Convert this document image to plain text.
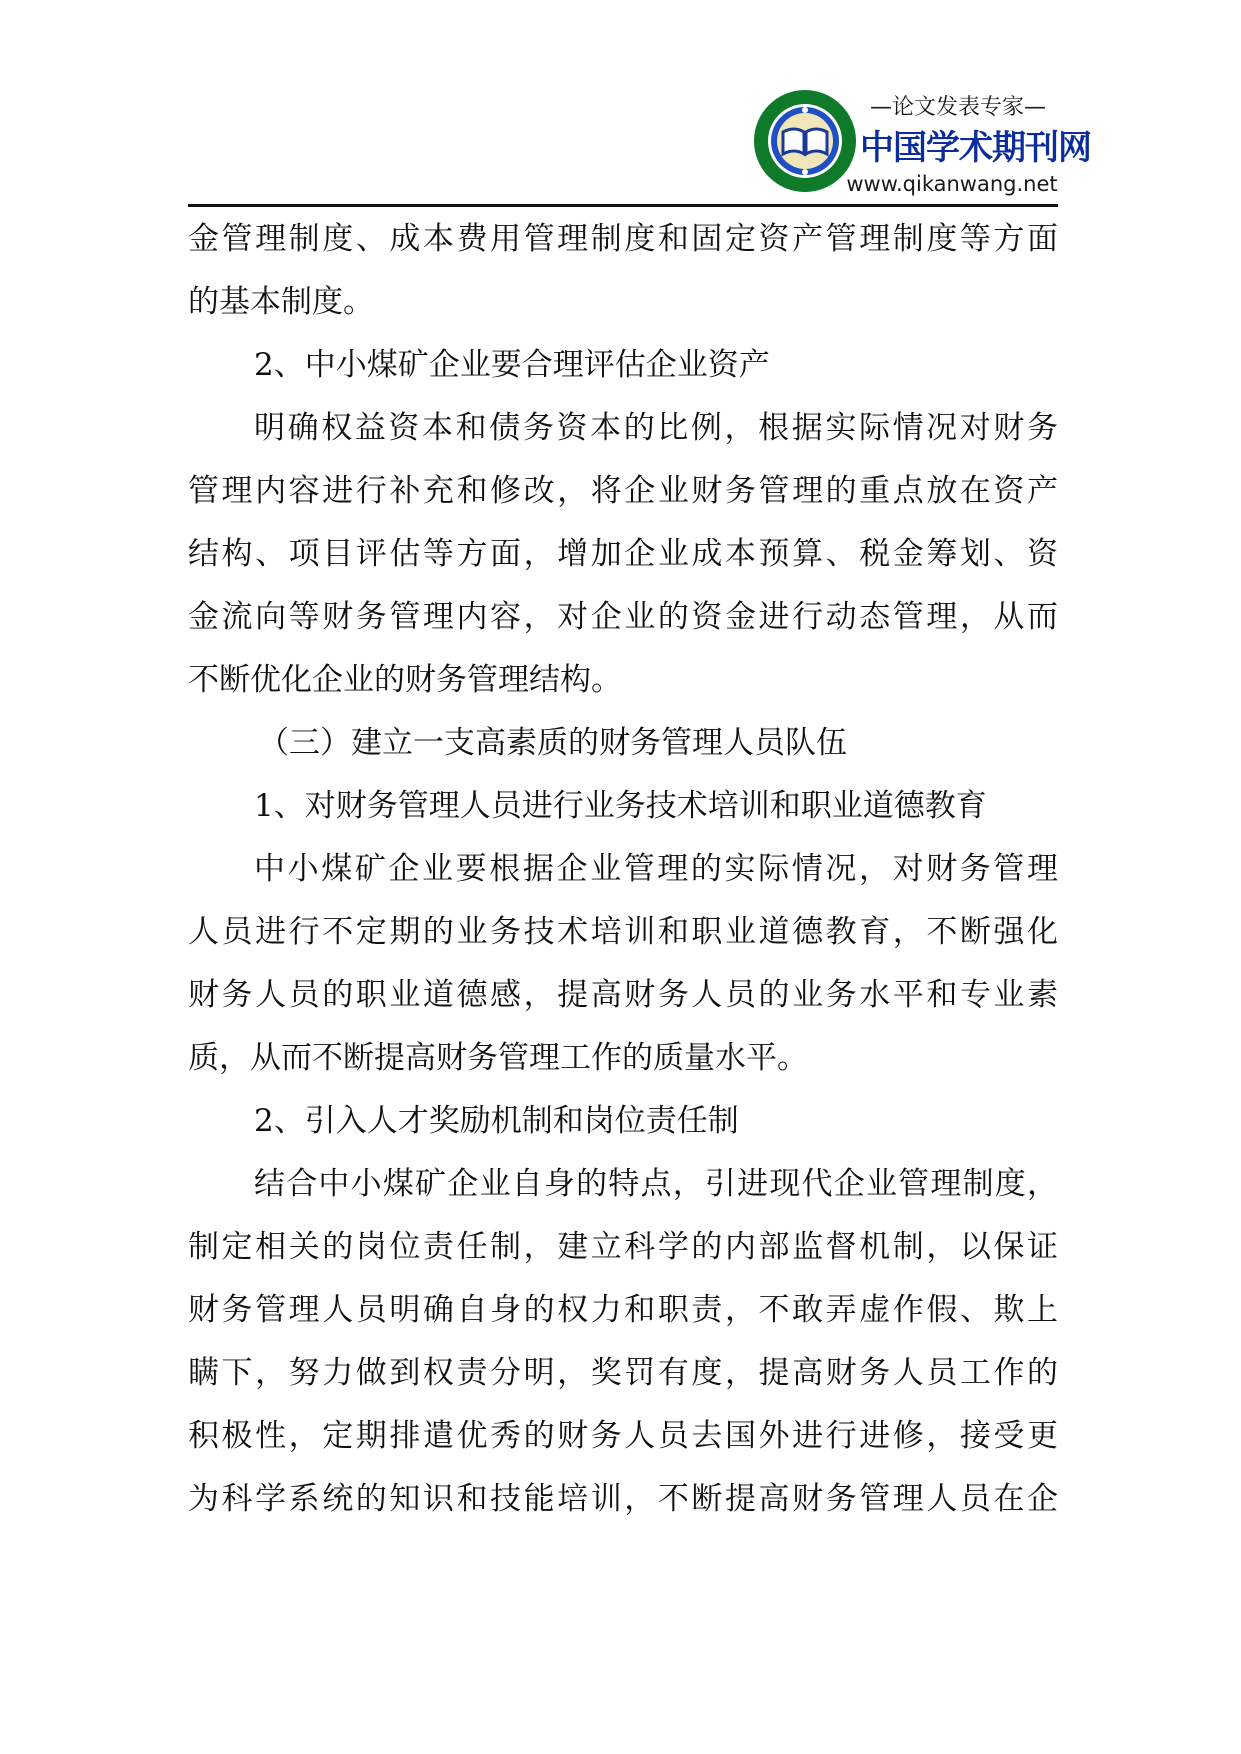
—论文发表专家—
中国学术期刊网
www.qikanwang.net
金管理制度、成本费用管理制度和固定资产管理制度等方面
的基本制度。
2、中小煤矿企业要合理评估企业资产
明确权益资本和债务资本的比例，根据实际情况对财务
管理内容进行补充和修改，将企业财务管理的重点放在资产
结构、项目评估等方面，增加企业成本预算、税金筹划、资
金流向等财务管理内容，对企业的资金进行动态管理，从而
不断优化企业的财务管理结构。
（三）建立一支高素质的财务管理人员队伍
1、对财务管理人员进行业务技术培训和职业道德教育
中小煤矿企业要根据企业管理的实际情况，对财务管理
人员进行不定期的业务技术培训和职业道德教育，不断强化
财务人员的职业道德感，提高财务人员的业务水平和专业素
质，从而不断提高财务管理工作的质量水平。
2、引入人才奖励机制和岗位责任制
结合中小煤矿企业自身的特点，引进现代企业管理制度，
制定相关的岗位责任制，建立科学的内部监督机制，以保证
财务管理人员明确自身的权力和职责，不敢弄虚作假、欺上
瞒下，努力做到权责分明，奖罚有度，提高财务人员工作的
积极性，定期排遣优秀的财务人员去国外进行进修，接受更
为科学系统的知识和技能培训，不断提高财务管理人员在企
